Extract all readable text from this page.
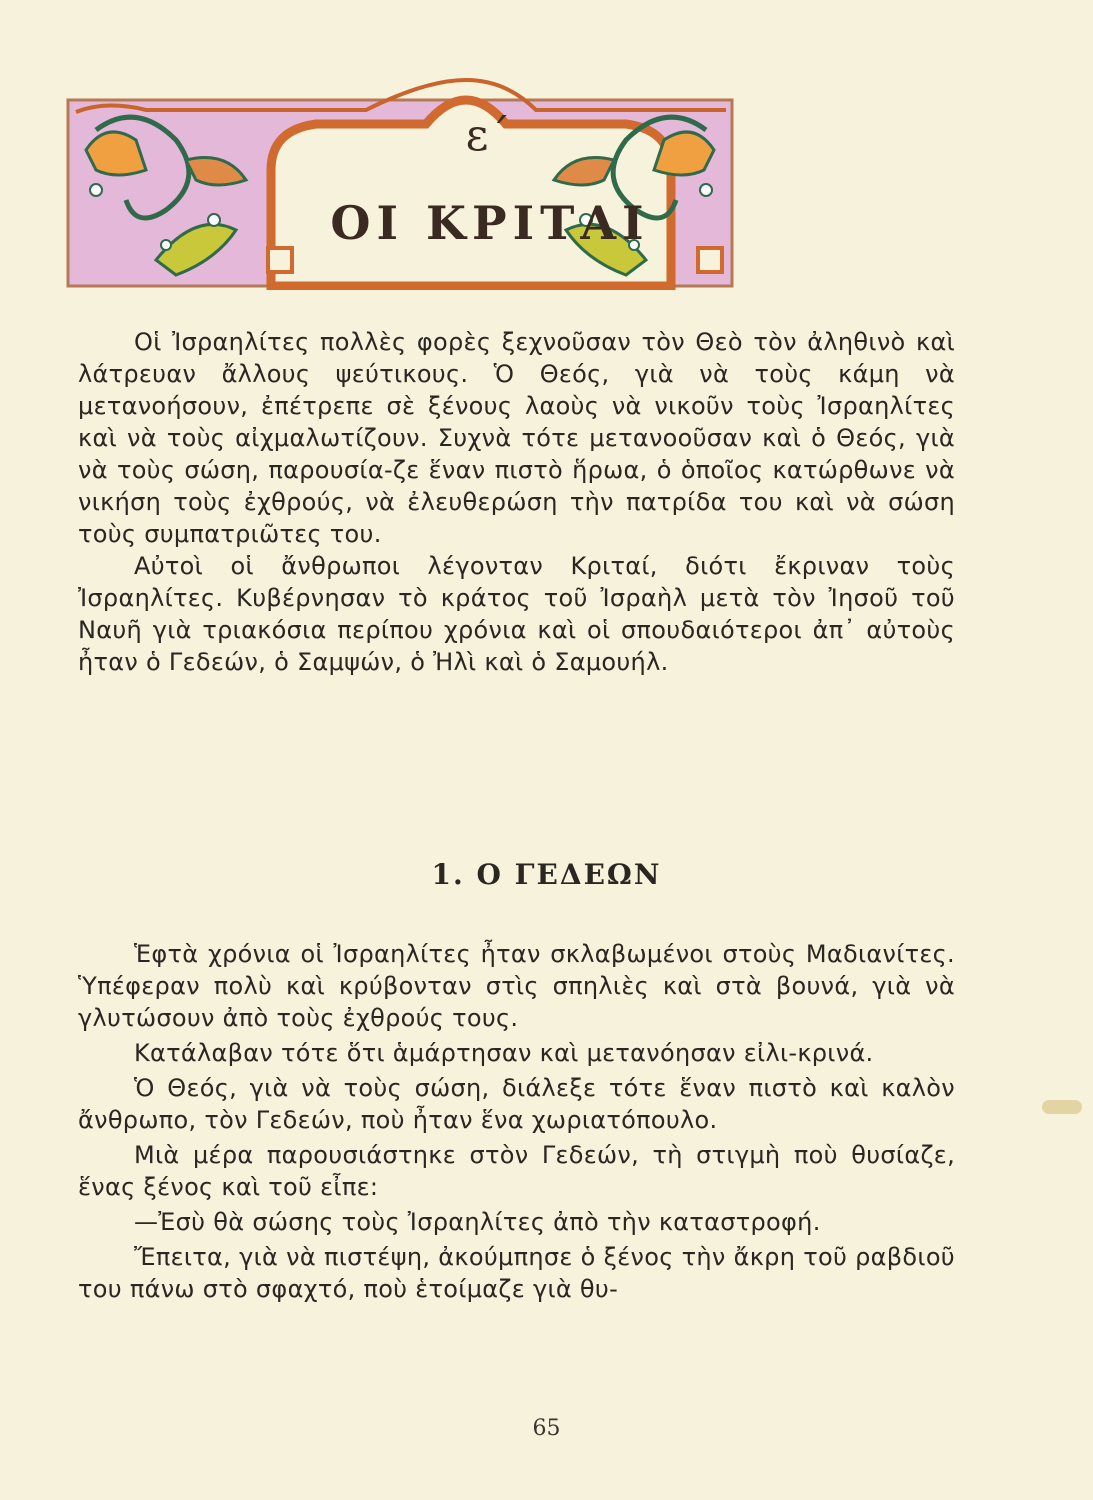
ε΄
ΟΙ ΚΡΙΤΑΙ

Οἱ Ἰσραηλίτες πολλὲς φορὲς ξεχνοῦσαν τὸν Θεὸ τὸν ἀληθινὸ καὶ λάτρευαν ἄλλους ψεύτικους. Ὁ Θεός, γιὰ νὰ τοὺς κάμη νὰ μετανοήσουν, ἐπέτρεπε σὲ ξένους λαοὺς νὰ νικοῦν τοὺς Ἰσραηλίτες καὶ νὰ τοὺς αἰχμαλωτίζουν. Συχνὰ τότε μετανοοῦσαν καὶ ὁ Θεός, γιὰ νὰ τοὺς σώση, παρουσία-ζε ἕναν πιστὸ ἥρωα, ὁ ὁποῖος κατώρθωνε νὰ νικήση τοὺς ἐχθρούς, νὰ ἐλευθερώση τὴν πατρίδα του καὶ νὰ σώση τοὺς συμπατριῶτες του.

Αὐτοὶ οἱ ἄνθρωποι λέγονταν Κριταί, διότι ἔκριναν τοὺς Ἰσραηλίτες. Κυβέρνησαν τὸ κράτος τοῦ Ἰσραὴλ μετὰ τὸν Ἰησοῦ τοῦ Ναυῆ γιὰ τριακόσια περίπου χρόνια καὶ οἱ σπουδαιότεροι ἀπ᾿ αὐτοὺς ἦταν ὁ Γεδεών, ὁ Σαμψών, ὁ Ἠλὶ καὶ ὁ Σαμουήλ.

1. Ο ΓΕΔΕΩΝ

Ἑφτὰ χρόνια οἱ Ἰσραηλίτες ἦταν σκλαβωμένοι στοὺς Μαδιανίτες. Ὑπέφεραν πολὺ καὶ κρύβονταν στὶς σπηλιὲς καὶ στὰ βουνά, γιὰ νὰ γλυτώσουν ἀπὸ τοὺς ἐχθρούς τους.

Κατάλαβαν τότε ὅτι ἁμάρτησαν καὶ μετανόησαν εἰλι-κρινά.

Ὁ Θεός, γιὰ νὰ τοὺς σώση, διάλεξε τότε ἕναν πιστὸ καὶ καλὸν ἄνθρωπο, τὸν Γεδεών, ποὺ ἦταν ἕνα χωριατόπουλο.

Μιὰ μέρα παρουσιάστηκε στὸν Γεδεών, τὴ στιγμὴ ποὺ θυσίαζε, ἕνας ξένος καὶ τοῦ εἶπε:

—Ἐσὺ θὰ σώσης τοὺς Ἰσραηλίτες ἀπὸ τὴν καταστροφή.

Ἔπειτα, γιὰ νὰ πιστέψη, ἀκούμπησε ὁ ξένος τὴν ἄκρη τοῦ ραβδιοῦ του πάνω στὸ σφαχτό, ποὺ ἑτοίμαζε γιὰ θυ-

65
